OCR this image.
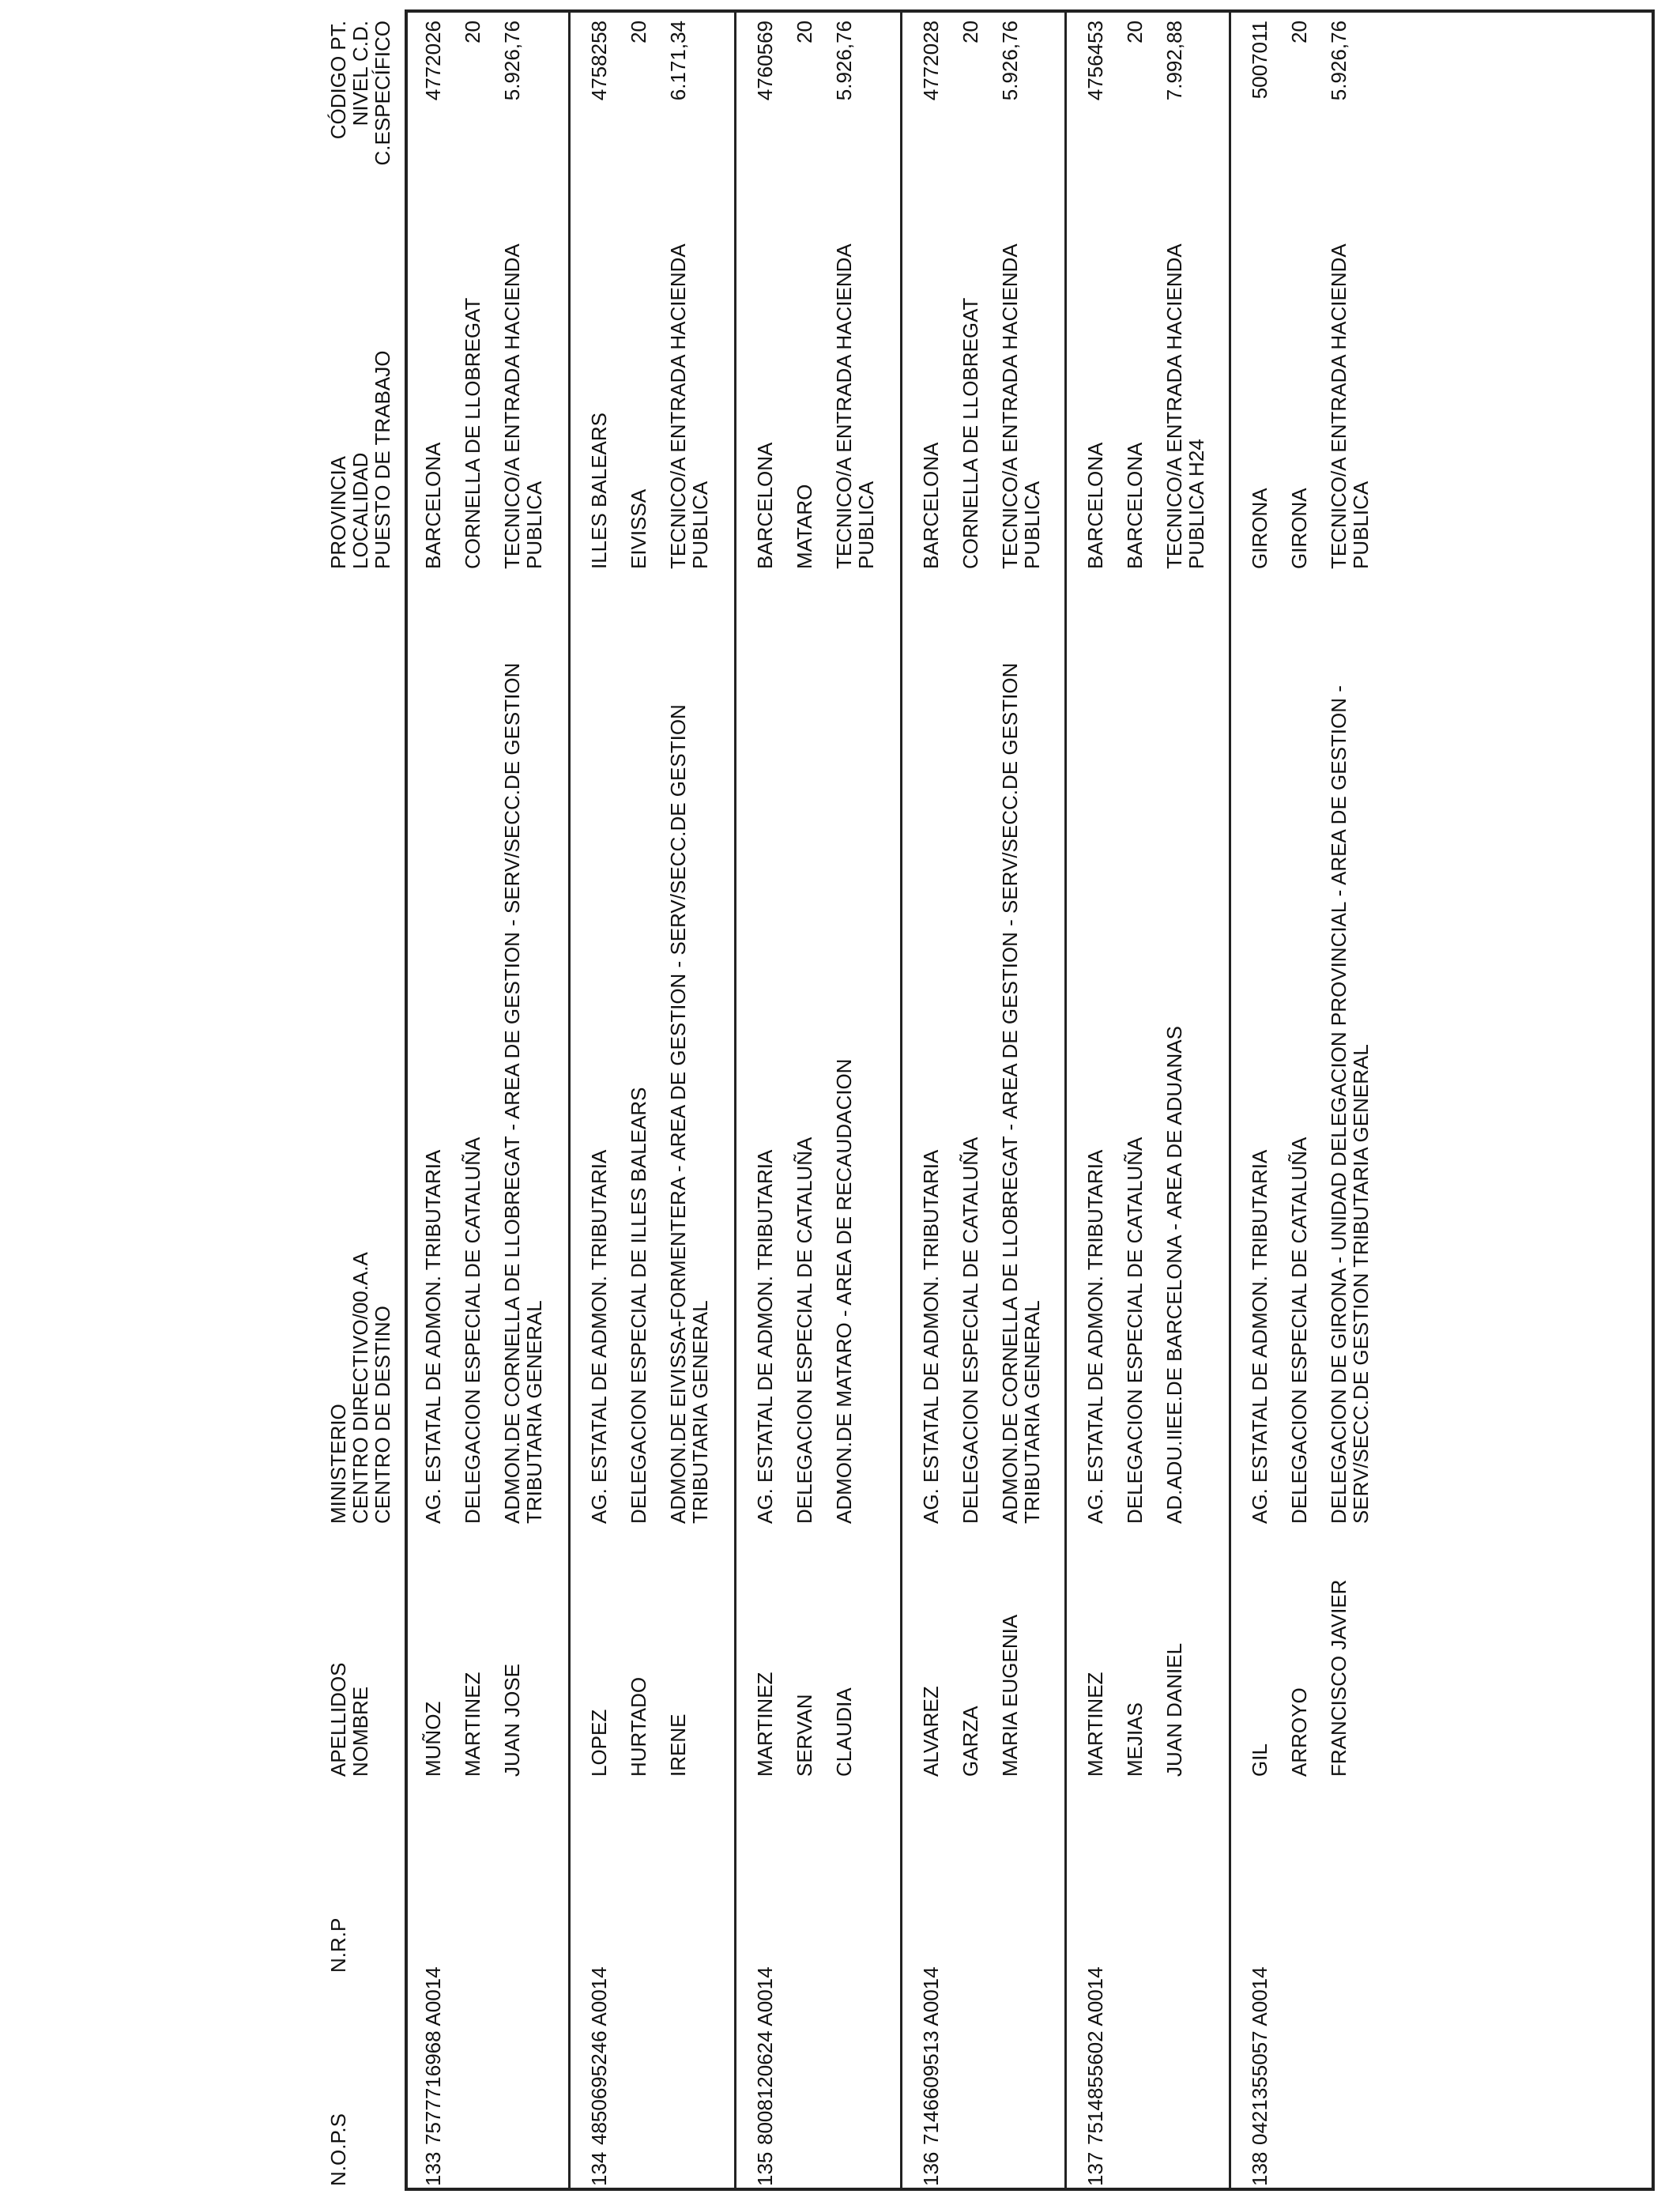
N.O.P.S
N.R.P
APELLIDOS
NOMBRE
MINISTERIO
CENTRO DIRECTIVO/00.A.A
CENTRO DE DESTINO
PROVINCIA
LOCALIDAD
PUESTO DE TRABAJO
CÓDIGO PT.
NIVEL C.D.
C.ESPECÍFICO
133
7577716968 A0014
MUÑOZ MARTINEZ JUAN JOSE
AG. ESTATAL DE ADMON. TRIBUTARIA DELEGACION ESPECIAL DE CATALUÑA ADMON.DE CORNELLA DE LLOBREGAT - AREA DE GESTION - SERV/SECC.DE GESTION TRIBUTARIA GENERAL
BARCELONA CORNELLA DE LLOBREGAT TECNICO/A ENTRADA HACIENDA PUBLICA
4772026 20 5.926,76
134
4850695246 A0014
LOPEZ HURTADO IRENE
AG. ESTATAL DE ADMON. TRIBUTARIA DELEGACION ESPECIAL DE ILLES BALEARS ADMON.DE EIVISSA-FORMENTERA - AREA DE GESTION - SERV/SECC.DE GESTION TRIBUTARIA GENERAL
ILLES BALEARS EIVISSA TECNICO/A ENTRADA HACIENDA PUBLICA
4758258 20 6.171,34
135
8008120624 A0014
MARTINEZ SERVAN CLAUDIA
AG. ESTATAL DE ADMON. TRIBUTARIA DELEGACION ESPECIAL DE CATALUÑA ADMON.DE MATARO - AREA DE RECAUDACION
BARCELONA MATARO TECNICO/A ENTRADA HACIENDA PUBLICA
4760569 20 5.926,76
136
7146609513 A0014
ALVAREZ GARZA MARIA EUGENIA
AG. ESTATAL DE ADMON. TRIBUTARIA DELEGACION ESPECIAL DE CATALUÑA ADMON.DE CORNELLA DE LLOBREGAT - AREA DE GESTION - SERV/SECC.DE GESTION TRIBUTARIA GENERAL
BARCELONA CORNELLA DE LLOBREGAT TECNICO/A ENTRADA HACIENDA PUBLICA
4772028 20 5.926,76
137
7514855602 A0014
MARTINEZ MEJIAS JUAN DANIEL
AG. ESTATAL DE ADMON. TRIBUTARIA DELEGACION ESPECIAL DE CATALUÑA AD.ADU.IIEE.DE BARCELONA - AREA DE ADUANAS
BARCELONA BARCELONA TECNICO/A ENTRADA HACIENDA PUBLICA H24
4756453 20 7.992,88
138
0421355057 A0014
GIL ARROYO FRANCISCO JAVIER
AG. ESTATAL DE ADMON. TRIBUTARIA DELEGACION ESPECIAL DE CATALUÑA DELEGACION DE GIRONA - UNIDAD DELEGACION PROVINCIAL - AREA DE GESTION - SERV/SECC.DE GESTION TRIBUTARIA GENERAL
GIRONA GIRONA TECNICO/A ENTRADA HACIENDA PUBLICA
5007011 20 5.926,76
